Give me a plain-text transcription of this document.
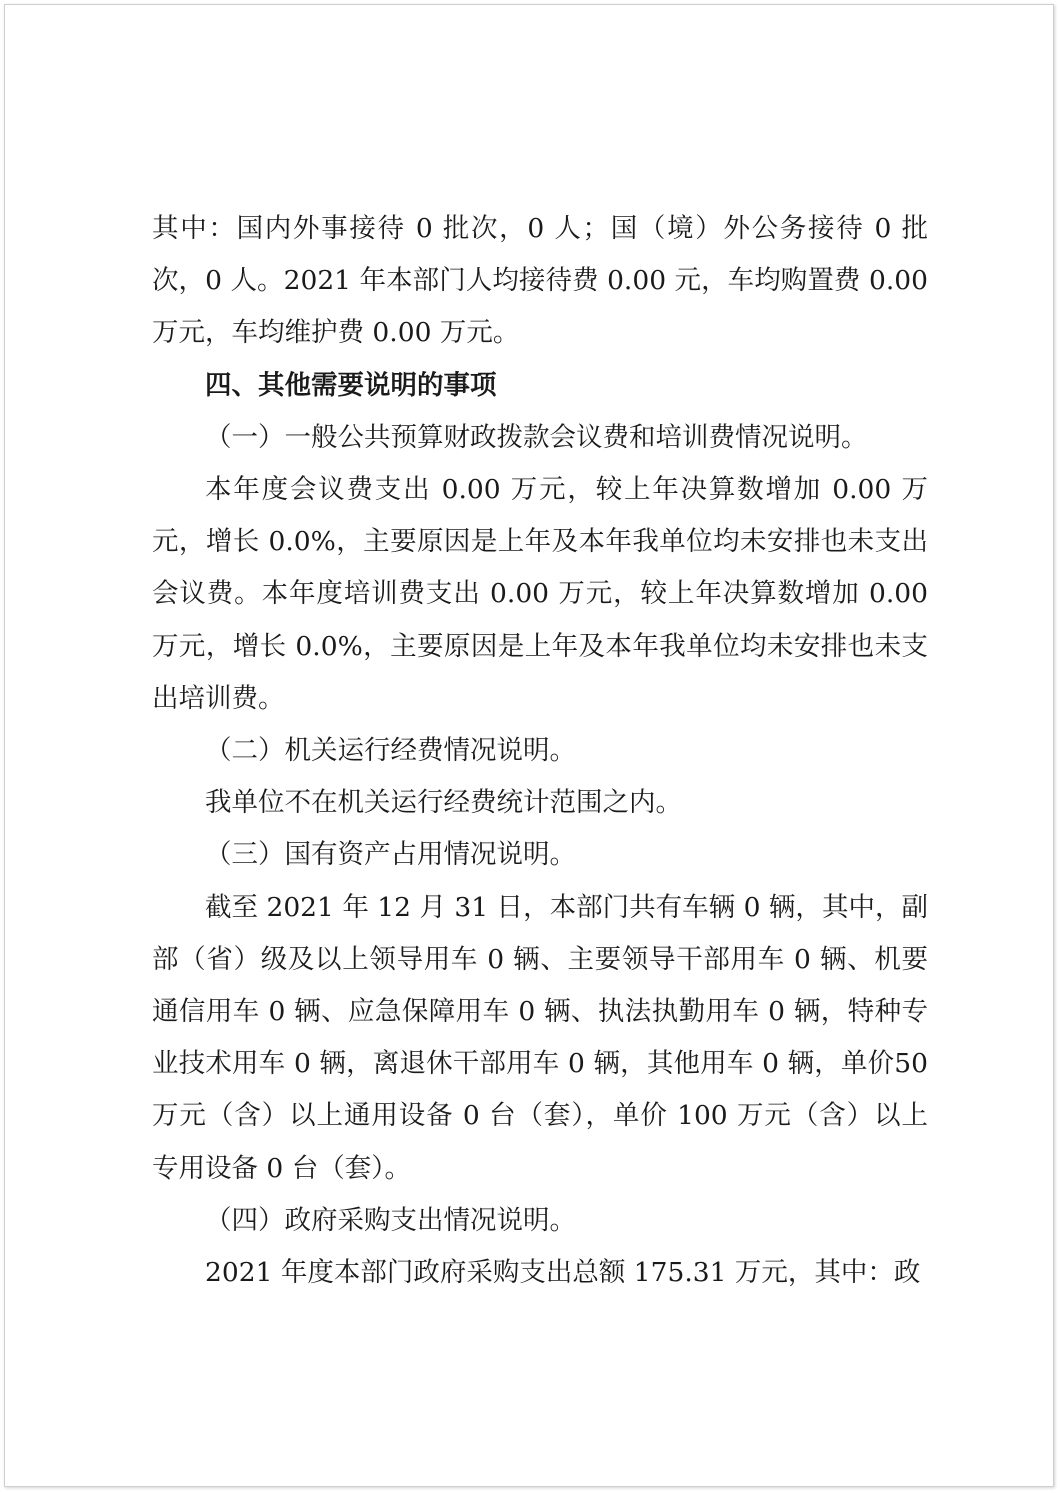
其中：国内外事接待 0 批次，0 人；国（境）外公务接待 0 批次，0 人。2021 年本部门人均接待费 0.00 元，车均购置费 0.00 万元，车均维护费 0.00 万元。

四、其他需要说明的事项

（一）一般公共预算财政拨款会议费和培训费情况说明。

本年度会议费支出 0.00 万元，较上年决算数增加 0.00 万元，增长 0.0%，主要原因是上年及本年我单位均未安排也未支出会议费。本年度培训费支出 0.00 万元，较上年决算数增加 0.00 万元，增长 0.0%，主要原因是上年及本年我单位均未安排也未支出培训费。

（二）机关运行经费情况说明。

我单位不在机关运行经费统计范围之内。

（三）国有资产占用情况说明。

截至 2021 年 12 月 31 日，本部门共有车辆 0 辆，其中，副部（省）级及以上领导用车 0 辆、主要领导干部用车 0 辆、机要通信用车 0 辆、应急保障用车 0 辆、执法执勤用车 0 辆，特种专业技术用车 0 辆，离退休干部用车 0 辆，其他用车 0 辆，单价50 万元（含）以上通用设备 0 台（套），单价 100 万元（含）以上专用设备 0 台（套）。

（四）政府采购支出情况说明。

2021 年度本部门政府采购支出总额 175.31 万元，其中：政
